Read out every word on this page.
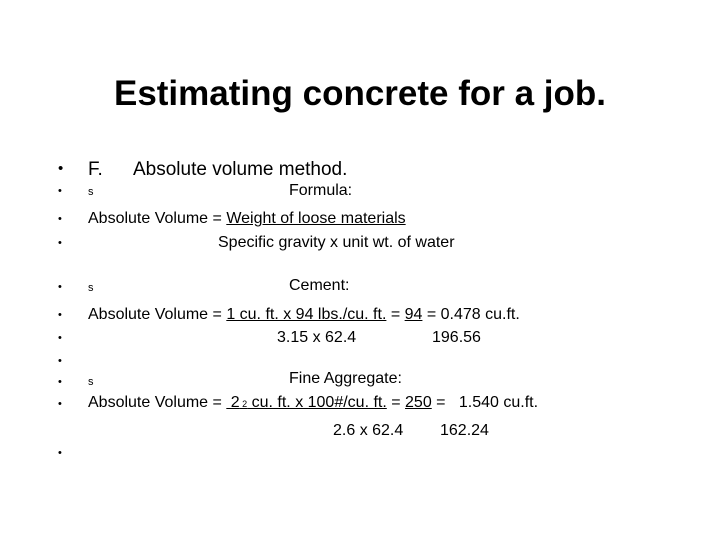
Estimating concrete for a job.
•
•
•
•
•
•
•
•
•
•
•
F. Absolute volume method.
s	Formula:
Absolute Volume = Weight of loose materials
Specific gravity x unit wt. of water
s	Cement:
Absolute Volume = 1 cu. ft. x 94 lbs./cu. ft. = 94 = 0.478 cu.ft.
3.15 x 62.4	196.56
s	Fine Aggregate:
Absolute Volume =  2 2 cu. ft. x 100#/cu. ft. = 250 =   1.540 cu.ft.
2.6 x 62.4 162.24
